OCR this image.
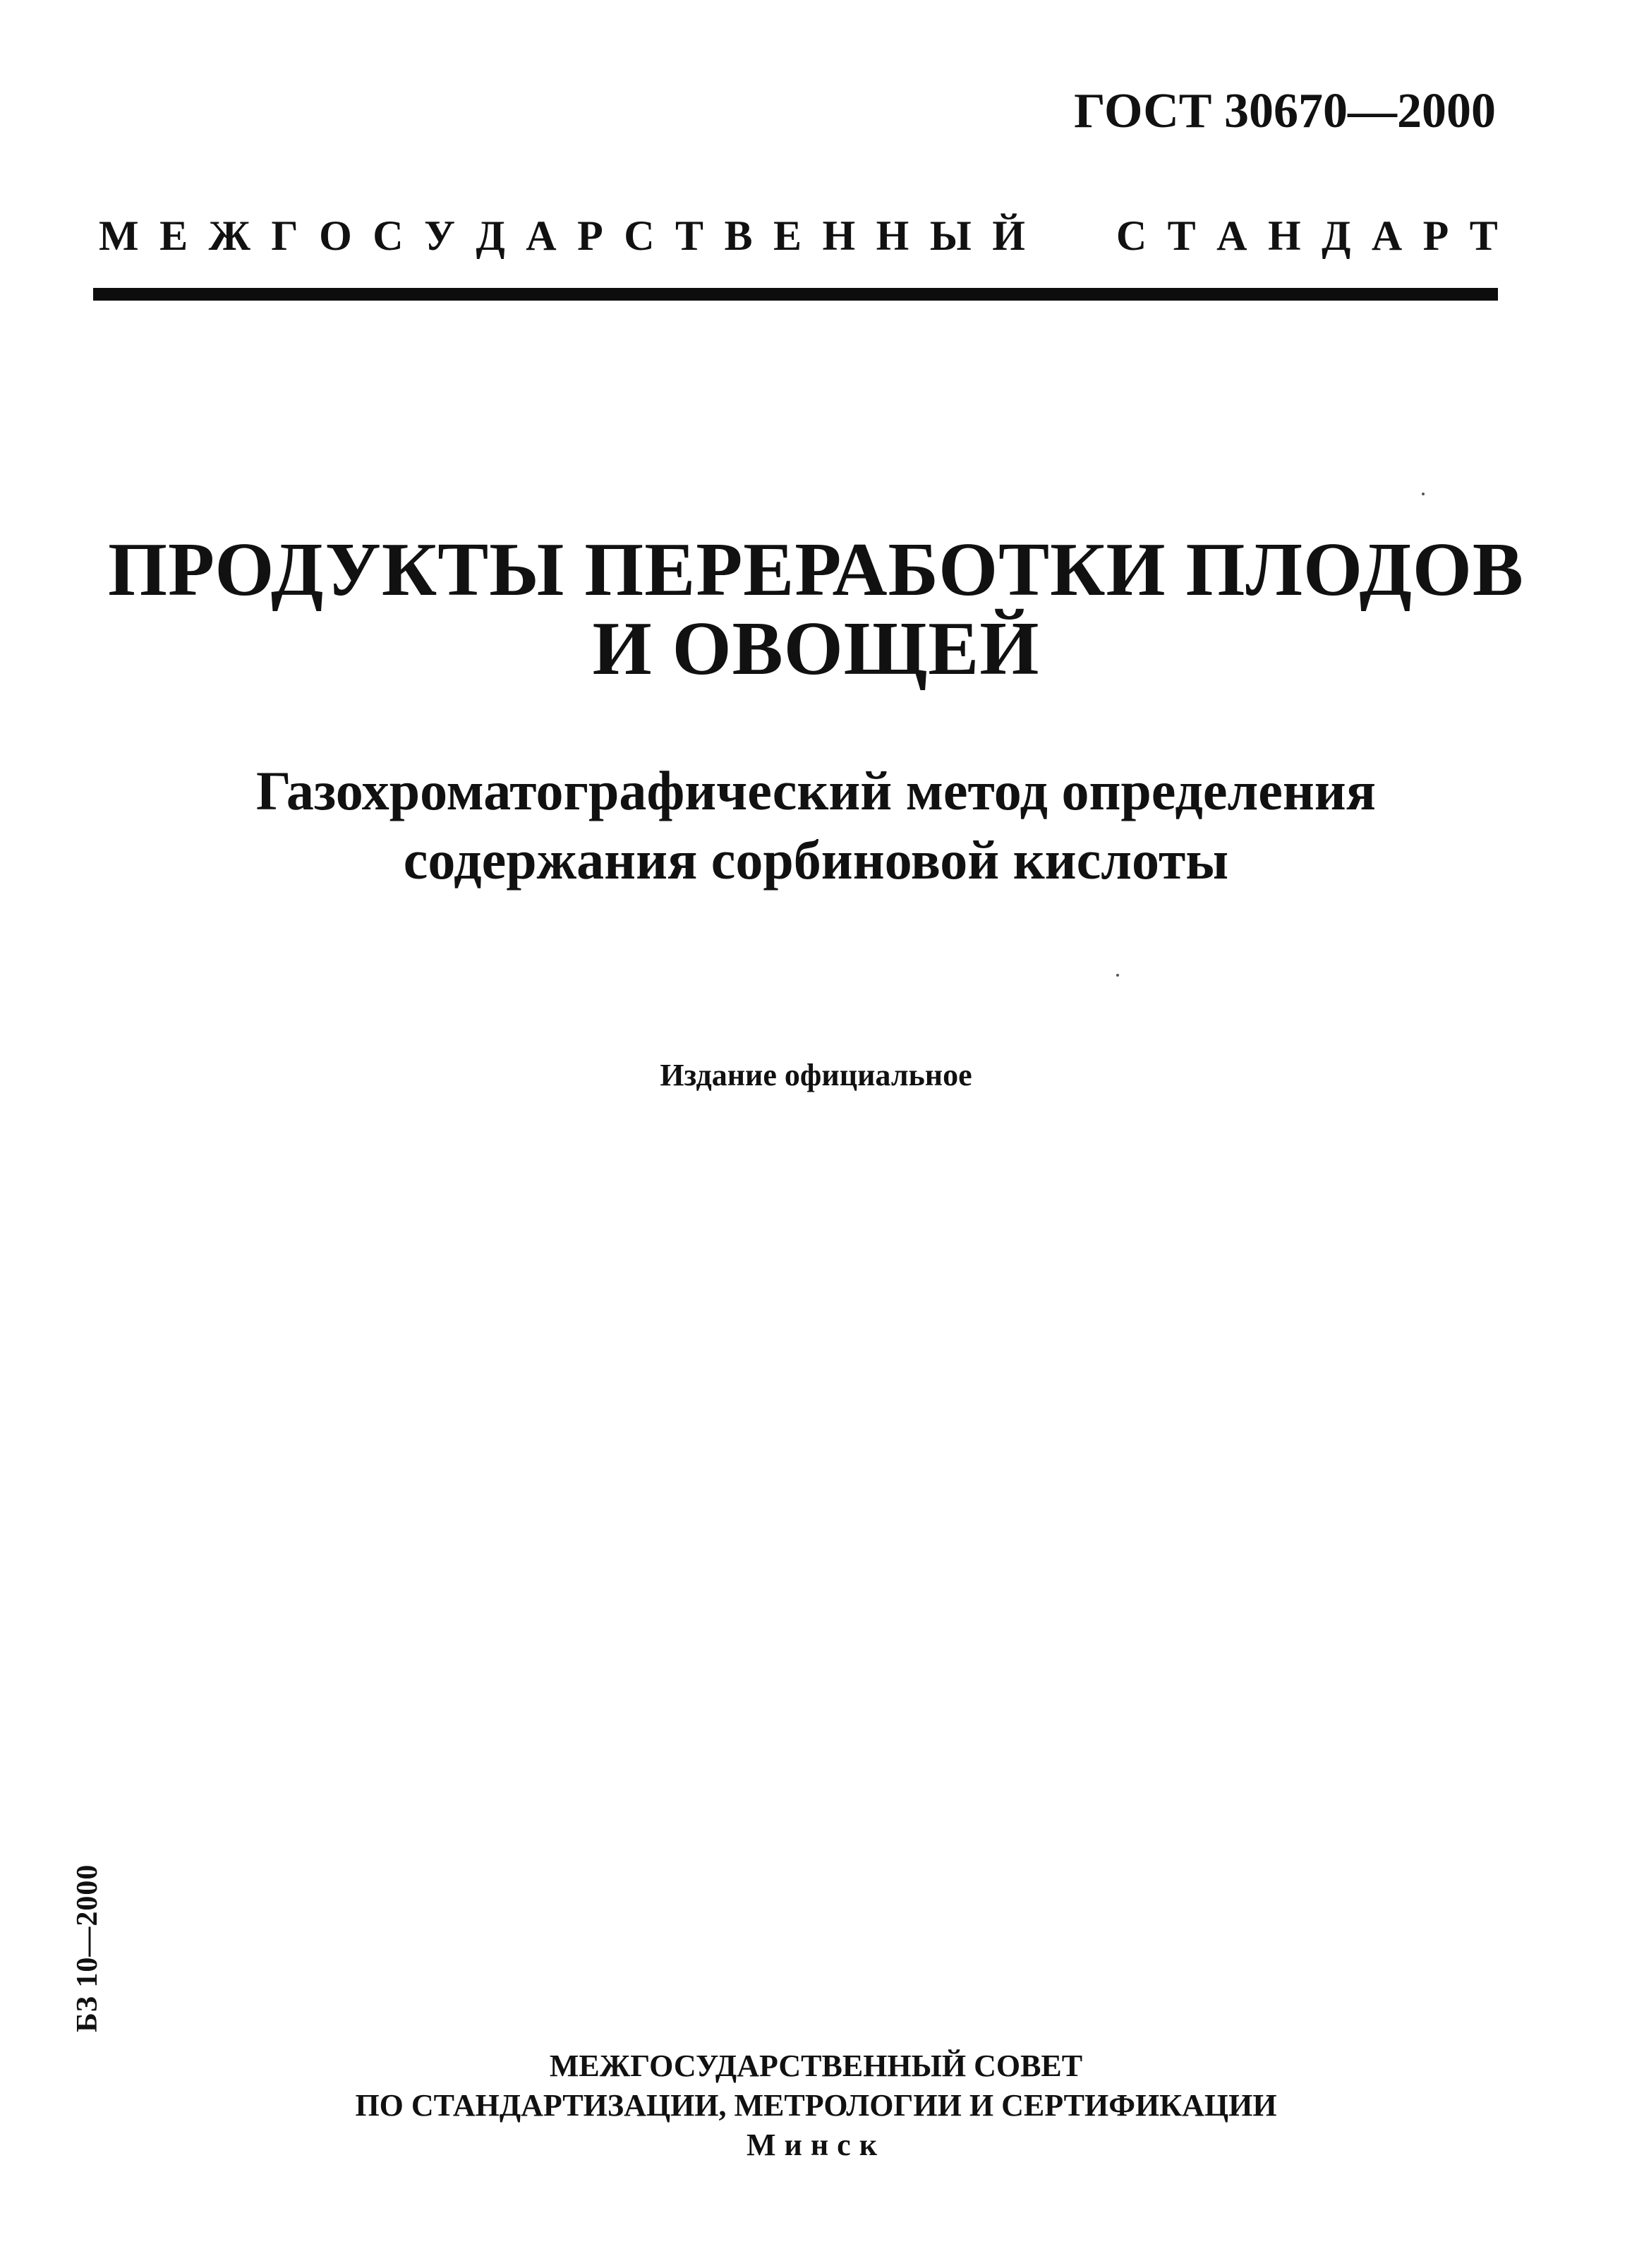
ГОСТ 30670—2000
М Е Ж Г О С У Д А Р С Т В Е Н Н Ы Й С Т А Н Д А Р Т
ПРОДУКТЫ ПЕРЕРАБОТКИ ПЛОДОВ
И ОВОЩЕЙ
Газохроматографический метод определения
содержания сорбиновой кислоты
Издание официальное
БЗ 10—2000
МЕЖГОСУДАРСТВЕННЫЙ СОВЕТ
ПО СТАНДАРТИЗАЦИИ, МЕТРОЛОГИИ И СЕРТИФИКАЦИИ
Минск
